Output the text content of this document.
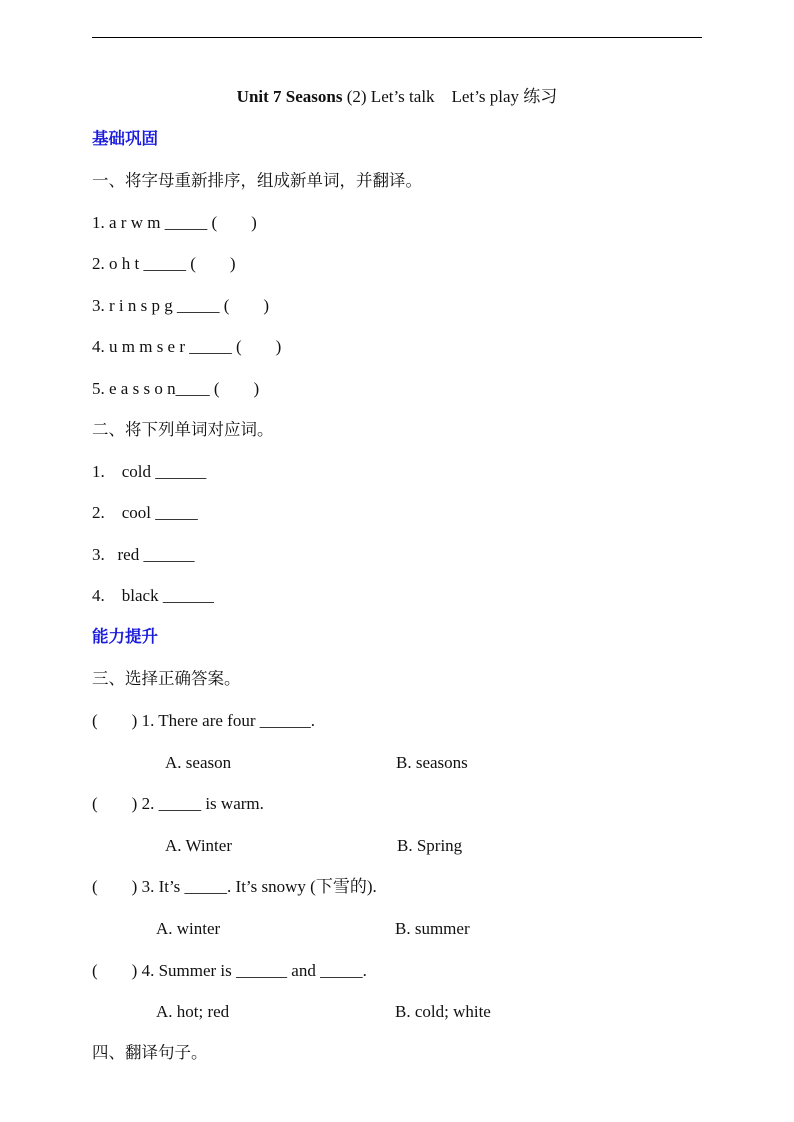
Unit 7 Seasons (2) Let’s talk    Let’s play 练习
基础巩固
一、将字母重新排序，组成新单词，并翻译。
1. a r w m _____ (        )
2. o h t _____ (        )
3. r i n s p g _____ (        )
4. u m m s e r _____ (        )
5. e a s s o n____ (        )
二、将下列单词对应词。
1.    cold ______
2.    cool _____
3.   red ______
4.    black ______
能力提升
三、选择正确答案。
(        ) 1. There are four ______.
A. season	B. seasons
(        ) 2. _____ is warm.
A. Winter	B. Spring
(        ) 3. It’s _____. It’s snowy (下雪的).
A. winter	B. summer
(        ) 4. Summer is ______ and _____.
A. hot; red	B. cold; white
四、翻译句子。
